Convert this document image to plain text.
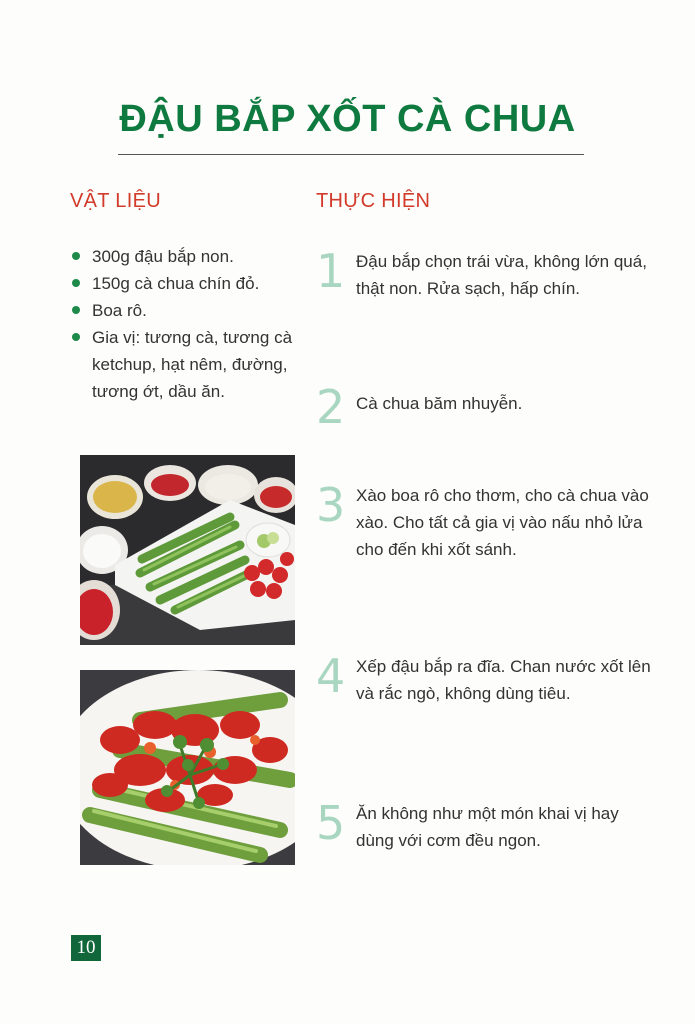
ĐẬU BẮP XỐT CÀ CHUA
VẬT LIỆU	THỰC HIỆN
300g đậu bắp non.
150g cà chua chín đỏ.
Boa rô.
Gia vị: tương cà, tương cà ketchup, hạt nêm, đường, tương ớt, dầu ăn.
1 Đậu bắp chọn trái vừa, không lớn quá, thật non. Rửa sạch, hấp chín.
2 Cà chua băm nhuyễn.
3 Xào boa rô cho thơm, cho cà chua vào xào. Cho tất cả gia vị vào nấu nhỏ lửa cho đến khi xốt sánh.
4 Xếp đậu bắp ra đĩa. Chan nước xốt lên và rắc ngò, không dùng tiêu.
5 Ăn không như một món khai vị hay dùng với cơm đều ngon.
10
